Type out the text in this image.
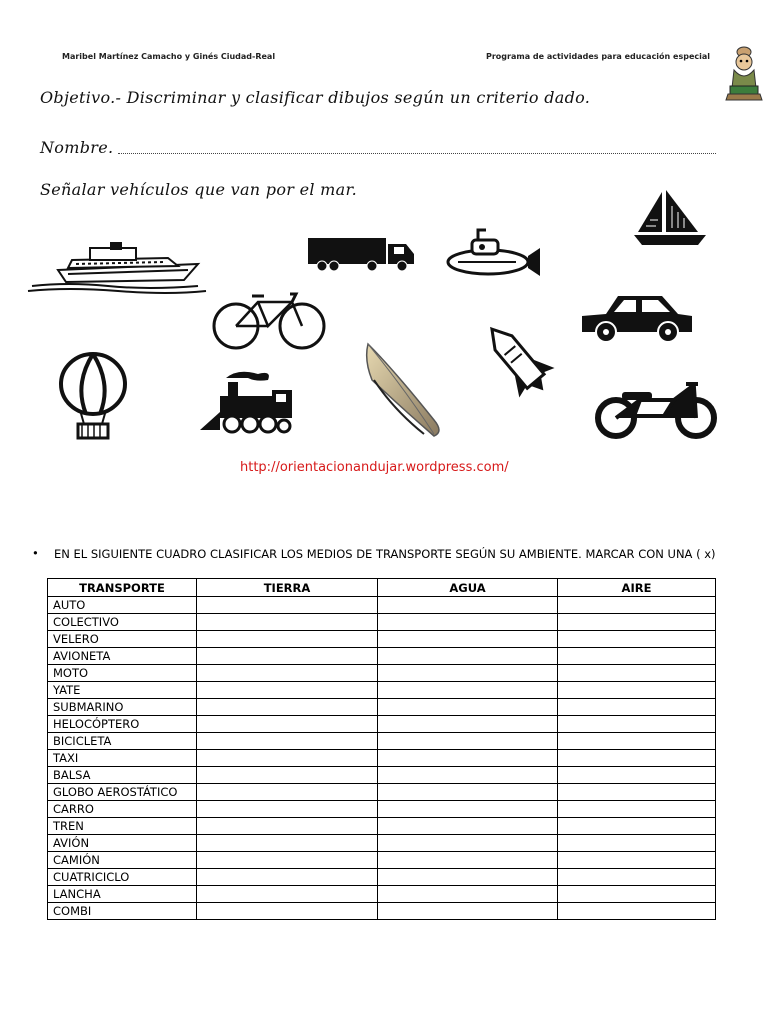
Maribel Martínez Camacho y Ginés Ciudad-Real	Programa de actividades para educación especial
Objetivo.- Discriminar y clasificar dibujos según un criterio dado.
Nombre.
Señalar vehículos que van por el mar.
http://orientacionandujar.wordpress.com/
• EN EL SIGUIENTE CUADRO CLASIFICAR LOS MEDIOS DE TRANSPORTE SEGÚN SU AMBIENTE. MARCAR CON UNA ( x)
TRANSPORTE	TIERRA	AGUA	AIRE
AUTO			
COLECTIVO			
VELERO			
AVIONETA			
MOTO			
YATE			
SUBMARINO			
HELOCÓPTERO			
BICICLETA			
TAXI			
BALSA			
GLOBO AEROSTÁTICO			
CARRO			
TREN			
AVIÓN			
CAMIÓN			
CUATRICICLO			
LANCHA			
COMBI			
